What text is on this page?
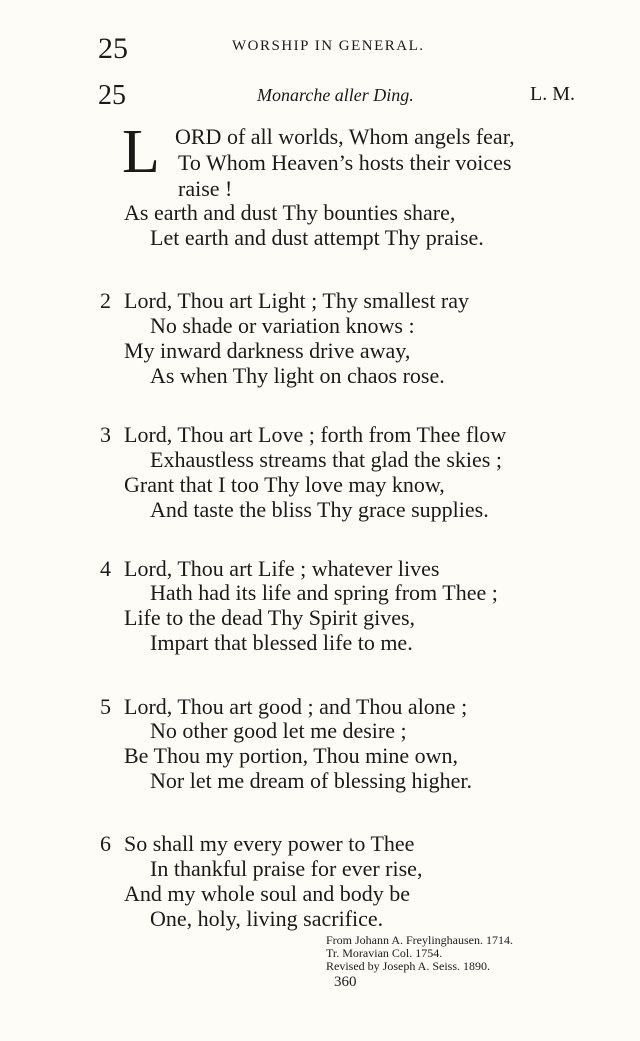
25	WORSHIP IN GENERAL.
25	Monarche aller Ding.	L. M.
L ORD of all worlds, Whom angels fear,
To Whom Heaven’s hosts their voices
raise !
As earth and dust Thy bounties share,
Let earth and dust attempt Thy praise.
2 Lord, Thou art Light ; Thy smallest ray
No shade or variation knows :
My inward darkness drive away,
As when Thy light on chaos rose.
3 Lord, Thou art Love ; forth from Thee flow
Exhaustless streams that glad the skies ;
Grant that I too Thy love may know,
And taste the bliss Thy grace supplies.
4 Lord, Thou art Life ; whatever lives
Hath had its life and spring from Thee ;
Life to the dead Thy Spirit gives,
Impart that blessed life to me.
5 Lord, Thou art good ; and Thou alone ;
No other good let me desire ;
Be Thou my portion, Thou mine own,
Nor let me dream of blessing higher.
6 So shall my every power to Thee
In thankful praise for ever rise,
And my whole soul and body be
One, holy, living sacrifice.
From Johann A. Freylinghausen. 1714.
Tr. Moravian Col. 1754.
Revised by Joseph A. Seiss. 1890.
360
